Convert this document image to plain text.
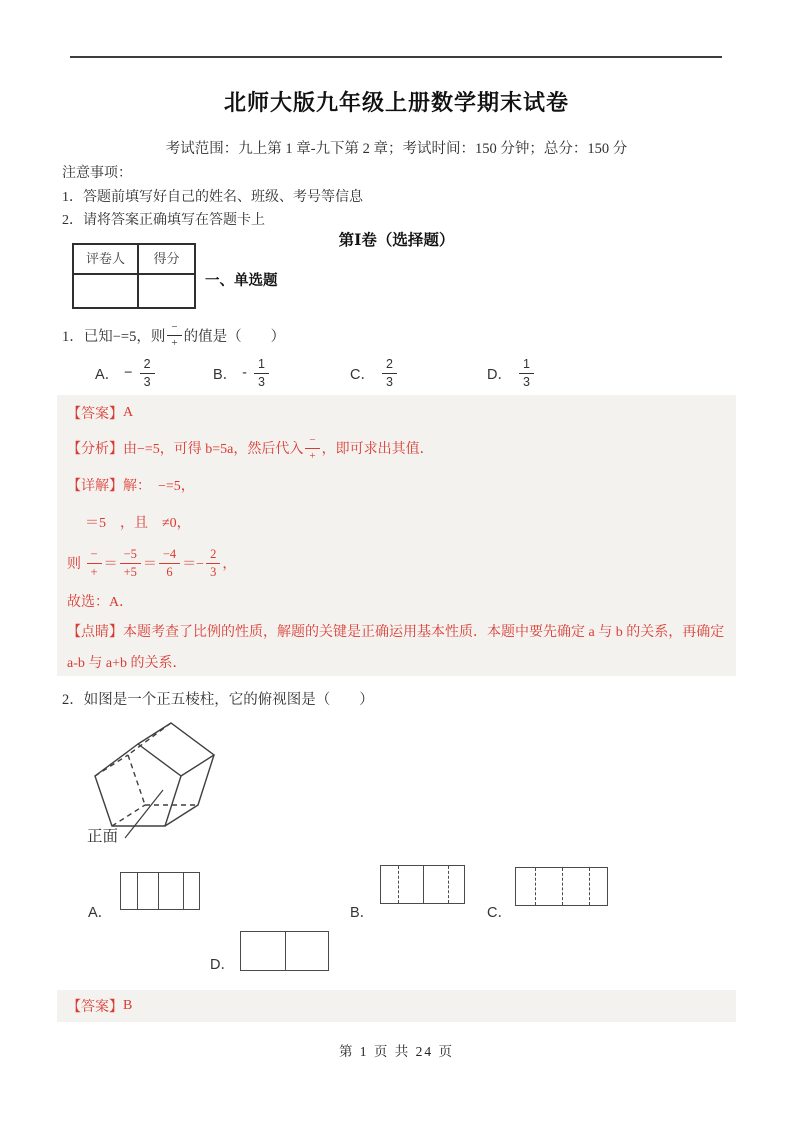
北师大版九年级上册数学期末试卷
考试范围：九上第 1 章-九下第 2 章；考试时间：150 分钟；总分：150 分
注意事项：
1．答题前填写好自己的姓名、班级、考号等信息
2．请将答案正确填写在答题卡上
第Ⅰ卷（选择题）
评卷人	得分
一、单选题
1．已知−=5，则 $\frac{-}{+}$ 的值是（　　）
A． − $\frac{2}{3}$	B． - $\frac{1}{3}$	C． $\frac{2}{3}$	D． $\frac{1}{3}$
【答案】 A
【分析】 由−=5，可得 b=5a，然后代入 $\frac{-}{+}$ ，即可求出其值．
【详解】 解：　−=5，
＝5　，且　≠0，
则
$\frac{-}{+} = \frac{-5}{+5} = \frac{-4}{6} =- \frac{2}{3}$ ，
故选：A．
【点睛】本题考查了比例的性质，解题的关键是正确运用基本性质．本题中要先确定 a 与 b 的关系，再确定 a-b 与 a+b 的关系．
2．如图是一个正五棱柱，它的俯视图是（　　）
正面
A．	B．	C．
D．
【答案】 B
第 1 页 共 24 页
